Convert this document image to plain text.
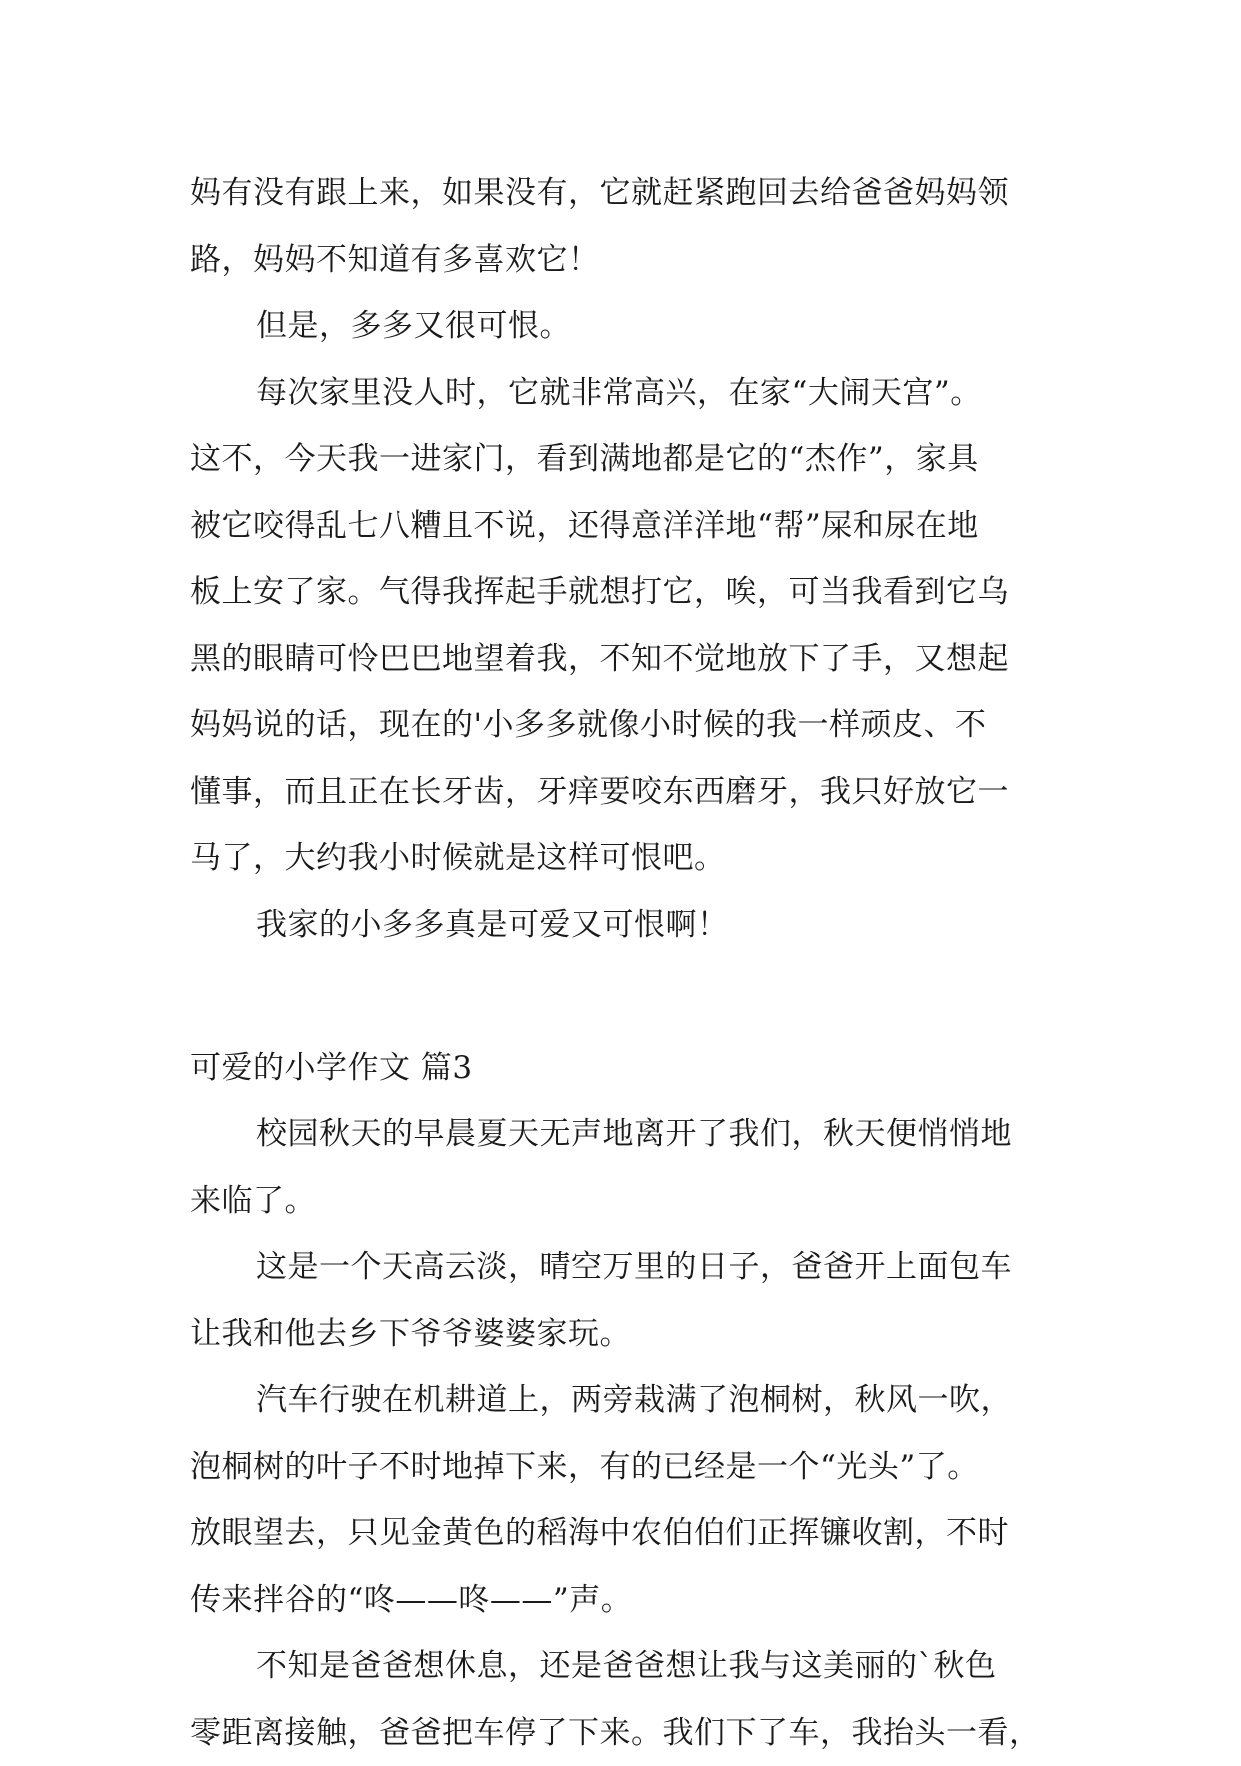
妈有没有跟上来，如果没有，它就赶紧跑回去给爸爸妈妈领
路，妈妈不知道有多喜欢它！
但是，多多又很可恨。
每次家里没人时，它就非常高兴，在家“大闹天宫”。
这不，今天我一进家门，看到满地都是它的“杰作”，家具
被它咬得乱七八糟且不说，还得意洋洋地“帮”屎和尿在地
板上安了家。气得我挥起手就想打它，唉，可当我看到它乌
黑的眼睛可怜巴巴地望着我，不知不觉地放下了手，又想起
妈妈说的话，现在的'小多多就像小时候的我一样顽皮、不
懂事，而且正在长牙齿，牙痒要咬东西磨牙，我只好放它一
马了，大约我小时候就是这样可恨吧。
我家的小多多真是可爱又可恨啊！
可爱的小学作文 篇3
校园秋天的早晨夏天无声地离开了我们，秋天便悄悄地
来临了。
这是一个天高云淡，晴空万里的日子，爸爸开上面包车
让我和他去乡下爷爷婆婆家玩。
汽车行驶在机耕道上，两旁栽满了泡桐树，秋风一吹，
泡桐树的叶子不时地掉下来，有的已经是一个“光头”了。
放眼望去，只见金黄色的稻海中农伯伯们正挥镰收割，不时
传来拌谷的“咚——咚——”声。
不知是爸爸想休息，还是爸爸想让我与这美丽的`秋色
零距离接触，爸爸把车停了下来。我们下了车，我抬头一看，
